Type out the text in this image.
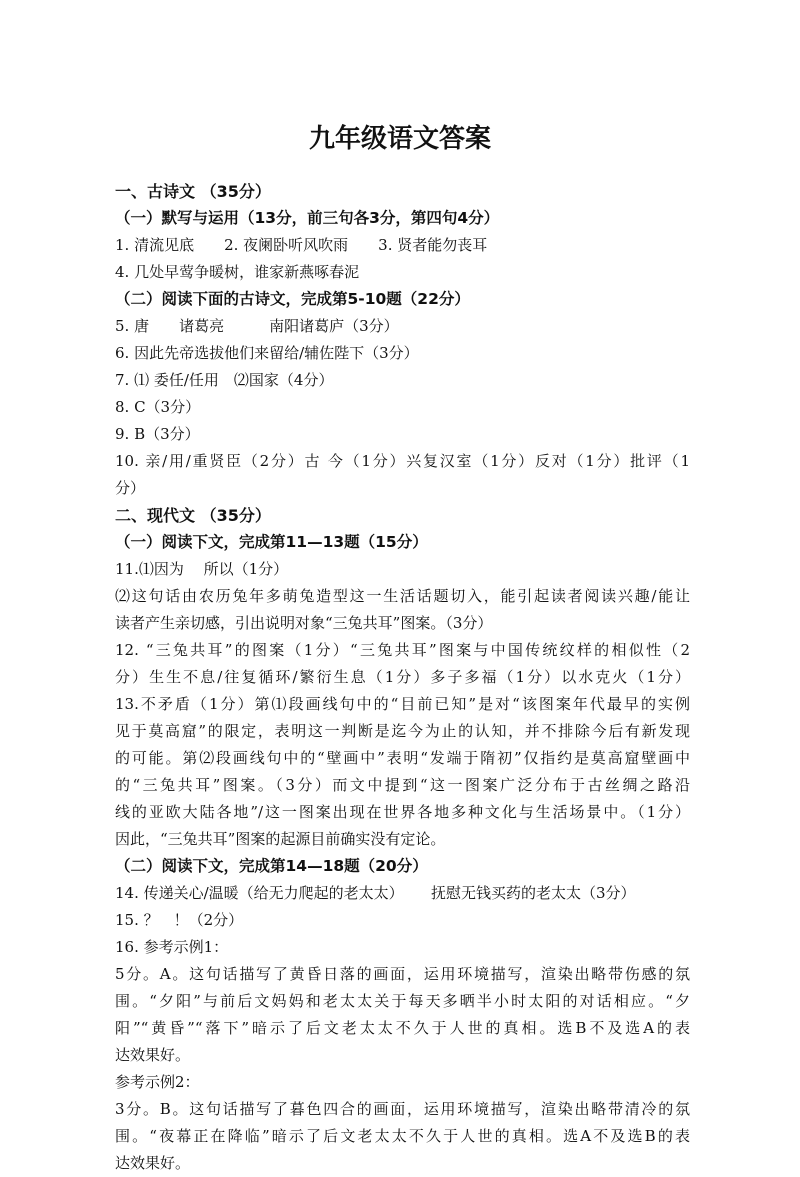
九年级语文答案
一、古诗文 （35分）
（一）默写与运用（13分，前三句各3分，第四句4分）
1. 清流见底　　2. 夜阑卧听风吹雨　　3. 贤者能勿丧耳
4. 几处早莺争暖树，谁家新燕啄春泥
（二）阅读下面的古诗文，完成第5-10题（22分）
5. 唐　　诸葛亮　　　南阳诸葛庐（3分）
6. 因此先帝选拔他们来留给/辅佐陛下（3分）
7. ⑴ 委任/任用　⑵国家（4分）
8. C（3分）
9. B（3分）
10. 亲/用/重贤臣（2分）古 今（1分）兴复汉室（1分）反对（1分）批评（1
分）
二、现代文 （35分）
（一）阅读下文，完成第11—13题（15分）
11.⑴因为　 所以（1分）
⑵这句话由农历兔年多萌兔造型这一生活话题切入，能引起读者阅读兴趣/能让
读者产生亲切感，引出说明对象“三兔共耳”图案。（3分）
12. “三兔共耳”的图案（1分）“三兔共耳”图案与中国传统纹样的相似性（2
分）生生不息/往复循环/繁衍生息（1分）多子多福（1分）以水克火（1分）
13.不矛盾（1分）第⑴段画线句中的“目前已知”是对“该图案年代最早的实例
见于莫高窟”的限定，表明这一判断是迄今为止的认知，并不排除今后有新发现
的可能。第⑵段画线句中的“壁画中”表明“发端于隋初”仅指约是莫高窟壁画中
的“三兔共耳”图案。（3分）而文中提到“这一图案广泛分布于古丝绸之路沿
线的亚欧大陆各地”/这一图案出现在世界各地多种文化与生活场景中。（1分）
因此，“三兔共耳”图案的起源目前确实没有定论。
（二）阅读下文，完成第14—18题（20分）
14. 传递关心/温暖（给无力爬起的老太太）　　 抚慰无钱买药的老太太（3分）
15. ？　！（2分）
16. 参考示例1：
5分。A。这句话描写了黄昏日落的画面，运用环境描写，渲染出略带伤感的氛
围。“夕阳”与前后文妈妈和老太太关于每天多晒半小时太阳的对话相应。“夕
阳”“黄昏”“落下”暗示了后文老太太不久于人世的真相。选B不及选A的表
达效果好。
参考示例2：
3分。B。这句话描写了暮色四合的画面，运用环境描写，渲染出略带清冷的氛
围。“夜幕正在降临”暗示了后文老太太不久于人世的真相。选A不及选B的表
达效果好。
